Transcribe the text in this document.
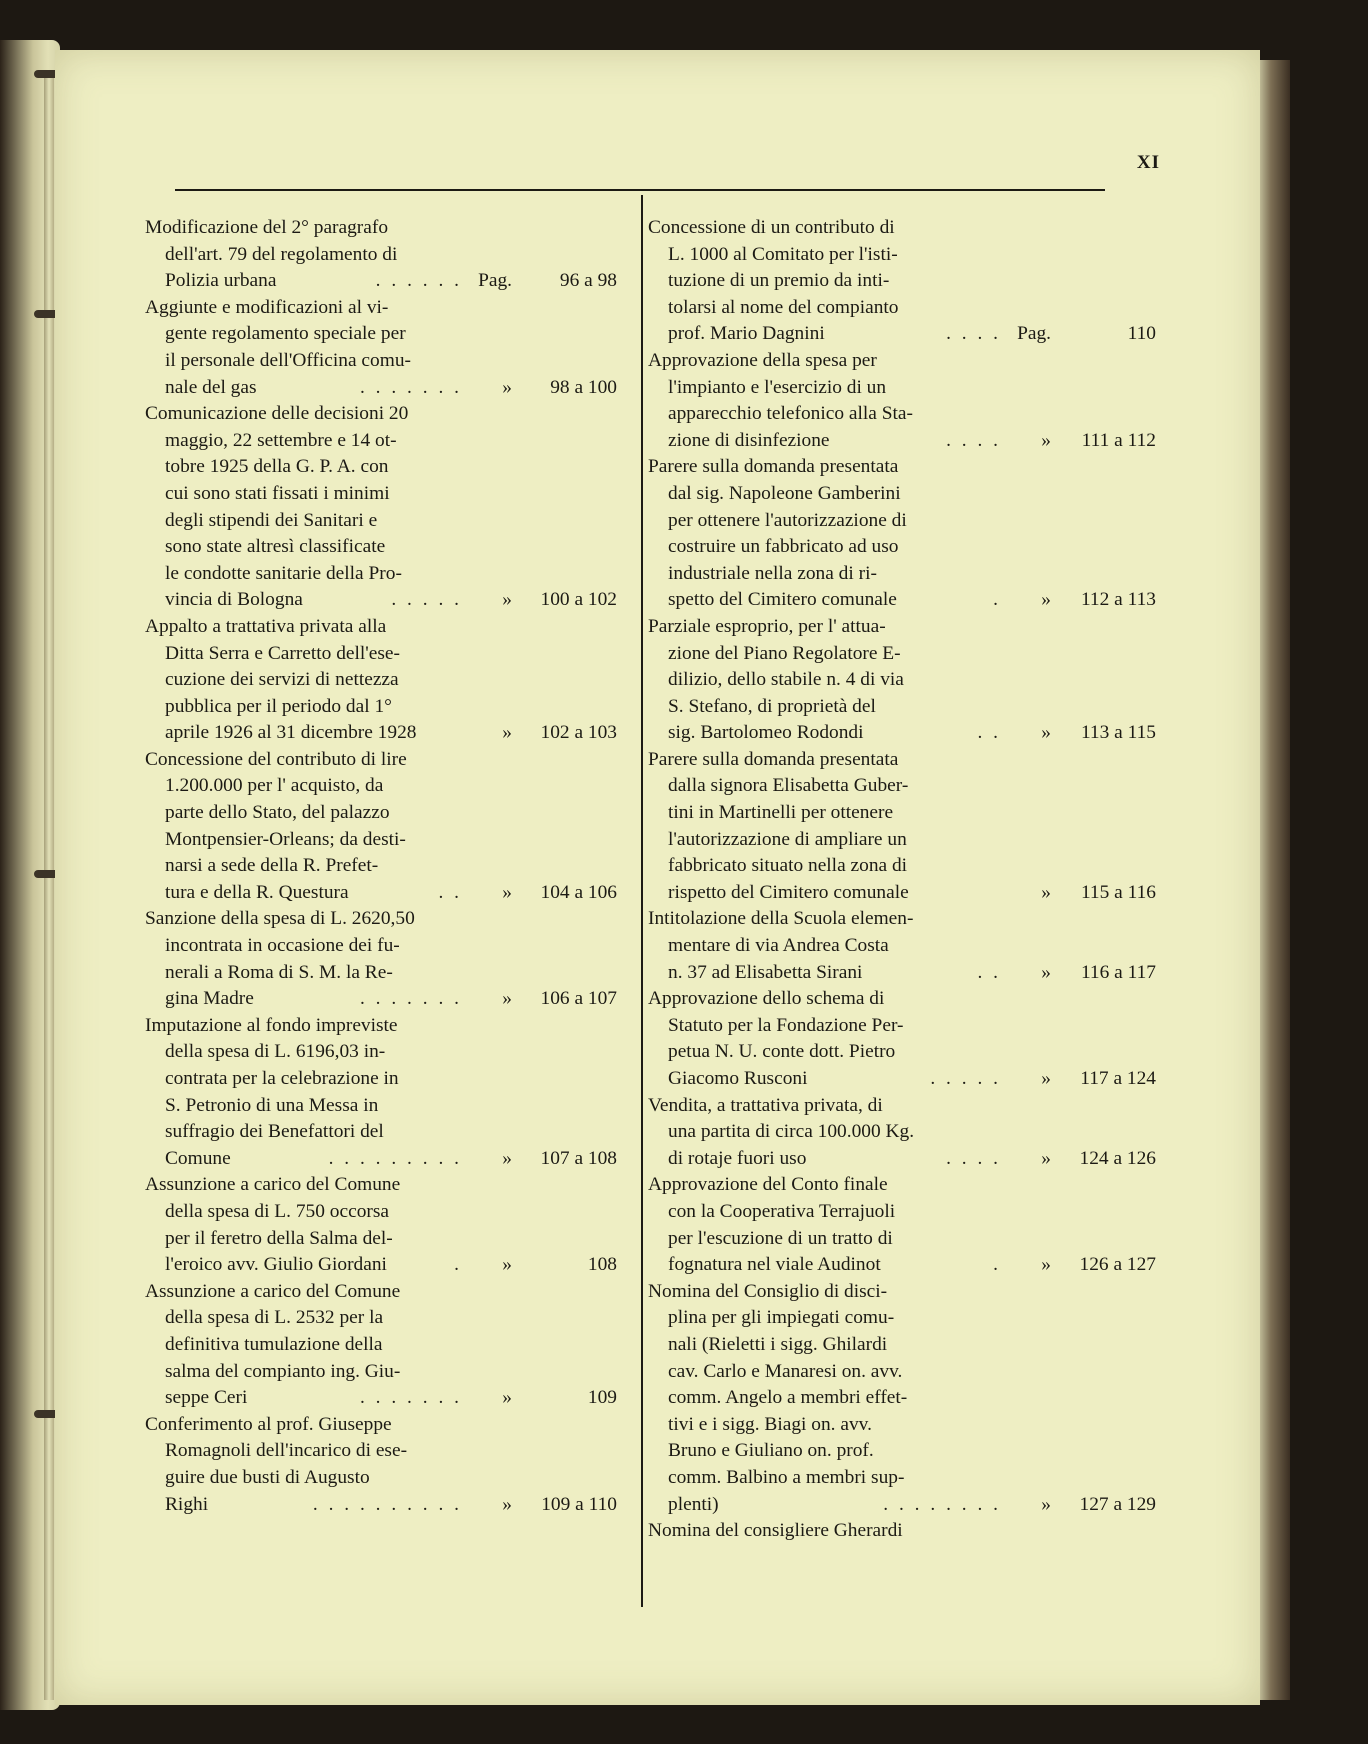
XI
Modificazione del 2° paragrafo
dell'art. 79 del regolamento di
Polizia urbana	. . . . . . Pag.	96 a 98
Aggiunte e modificazioni al vi-
gente regolamento speciale per
il personale dell'Officina comu-
nale del gas	. . . . . . .	»	98 a 100
Comunicazione delle decisioni 20
maggio, 22 settembre e 14 ot-
tobre 1925 della G. P. A. con
cui sono stati fissati i minimi
degli stipendi dei Sanitari e
sono state altresì classificate
le condotte sanitarie della Pro-
vincia di Bologna	. . . . .	»	100 a 102
Appalto a trattativa privata alla
Ditta Serra e Carretto dell'ese-
cuzione dei servizi di nettezza
pubblica per il periodo dal 1°
aprile 1926 al 31 dicembre 1928	»	102 a 103
Concessione del contributo di lire
1.200.000 per l' acquisto, da
parte dello Stato, del palazzo
Montpensier-Orleans; da desti-
narsi a sede della R. Prefet-
tura e della R. Questura	. .	»	104 a 106
Sanzione della spesa di L. 2620,50
incontrata in occasione dei fu-
nerali a Roma di S. M. la Re-
gina Madre	. . . . . . .	»	106 a 107
Imputazione al fondo impreviste
della spesa di L. 6196,03 in-
contrata per la celebrazione in
S. Petronio di una Messa in
suffragio dei Benefattori del
Comune	. . . . . . . . .	»	107 a 108
Assunzione a carico del Comune
della spesa di L. 750 occorsa
per il feretro della Salma del-
l'eroico avv. Giulio Giordani	.	»	108
Assunzione a carico del Comune
della spesa di L. 2532 per la
definitiva tumulazione della
salma del compianto ing. Giu-
seppe Ceri	. . . . . . .	»	109
Conferimento al prof. Giuseppe
Romagnoli dell'incarico di ese-
guire due busti di Augusto
Righi	. . . . . . . . . .	»	109 a 110
Concessione di un contributo di
L. 1000 al Comitato per l'isti-
tuzione di un premio da inti-
tolarsi al nome del compianto
prof. Mario Dagnini	. . . . Pag.	110
Approvazione della spesa per
l'impianto e l'esercizio di un
apparecchio telefonico alla Sta-
zione di disinfezione	. . . .	»	111 a 112
Parere sulla domanda presentata
dal sig. Napoleone Gamberini
per ottenere l'autorizzazione di
costruire un fabbricato ad uso
industriale nella zona di ri-
spetto del Cimitero comunale	.	»	112 a 113
Parziale esproprio, per l' attua-
zione del Piano Regolatore E-
dilizio, dello stabile n. 4 di via
S. Stefano, di proprietà del
sig. Bartolomeo Rodondi	. .	»	113 a 115
Parere sulla domanda presentata
dalla signora Elisabetta Guber-
tini in Martinelli per ottenere
l'autorizzazione di ampliare un
fabbricato situato nella zona di
rispetto del Cimitero comunale	»	115 a 116
Intitolazione della Scuola elemen-
mentare di via Andrea Costa
n. 37 ad Elisabetta Sirani	. .	»	116 a 117
Approvazione dello schema di
Statuto per la Fondazione Per-
petua N. U. conte dott. Pietro
Giacomo Rusconi	. . . . .	»	117 a 124
Vendita, a trattativa privata, di
una partita di circa 100.000 Kg.
di rotaje fuori uso	. . . .	»	124 a 126
Approvazione del Conto finale
con la Cooperativa Terrajuoli
per l'escuzione di un tratto di
fognatura nel viale Audinot	.	»	126 a 127
Nomina del Consiglio di disci-
plina per gli impiegati comu-
nali (Rieletti i sigg. Ghilardi
cav. Carlo e Manaresi on. avv.
comm. Angelo a membri effet-
tivi e i sigg. Biagi on. avv.
Bruno e Giuliano on. prof.
comm. Balbino a membri sup-
plenti)	. . . . . . . .	»	127 a 129
Nomina del consigliere Gherardi
